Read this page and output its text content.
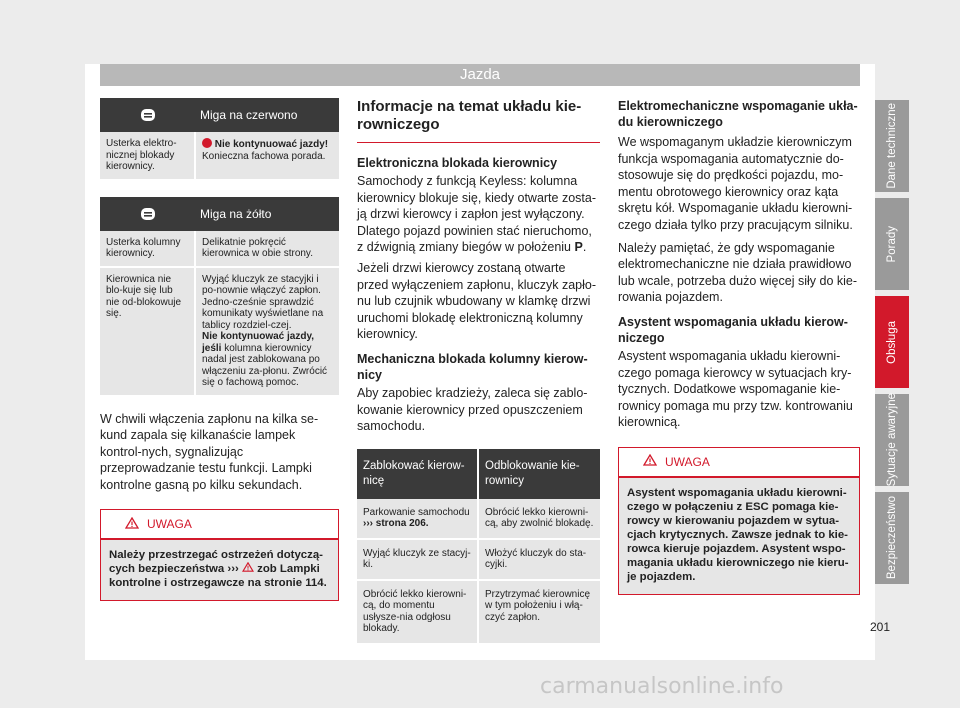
Jazda
Miga na czerwono
Usterka elektro-nicznej blokady kierownicy.
Nie kontynuować jazdy!
Konieczna fachowa porada.
Miga na żółto
Usterka kolumny kierownicy.
Delikatnie pokręcić kierownica w obie strony.
Kierownica nie blo-kuje się lub nie od-blokowuje się.
Wyjąć kluczyk ze stacyjki i po-nownie włączyć zapłon. Jedno-cześnie sprawdzić komunikaty wyświetlane na tablicy rozdziel-czej.
Nie kontynuować jazdy, jeśli kolumna kierownicy nadal jest zablokowana po włączeniu za-płonu. Zwrócić się o fachową pomoc.
W chwili włączenia zapłonu na kilka se-kund zapala się kilkanaście lampek kontrol-nych, sygnalizując przeprowadzanie testu funkcji. Lampki kontrolne gasną po kilku sekundach.
UWAGA
Należy przestrzegać ostrzeżeń dotyczą-cych bezpieczeństwa ››› zob Lampki kontrolne i ostrzegawcze na stronie 114.
Informacje na temat układu kie-rowniczego
Elektroniczna blokada kierownicy
Samochody z funkcją Keyless: kolumna kierownicy blokuje się, kiedy otwarte zosta-ją drzwi kierowcy i zapłon jest wyłączony. Dlatego pojazd powinien stać nieruchomo, z dźwignią zmiany biegów w położeniu P.
Jeżeli drzwi kierowcy zostaną otwarte przed wyłączeniem zapłonu, kluczyk zapło-nu lub czujnik wbudowany w klamkę drzwi uruchomi blokadę elektroniczną kolumny kierownicy.
Mechaniczna blokada kolumny kierow-nicy
Aby zapobiec kradzieży, zaleca się zablo-kowanie kierownicy przed opuszczeniem samochodu.
Zablokować kierow-nicę
Odblokowanie kie-rownicy
Parkowanie samochodu
››› strona 206.
Obrócić lekko kierowni-cą, aby zwolnić blokadę.
Wyjąć kluczyk ze stacyj-ki.
Włożyć kluczyk do sta-cyjki.
Obrócić lekko kierowni-cą, do momentu usłysze-nia odgłosu blokady.
Przytrzymać kierownicę w tym położeniu i włą-czyć zapłon.
Elektromechaniczne wspomaganie ukła-du kierowniczego
We wspomaganym układzie kierowniczym funkcja wspomagania automatycznie do-stosowuje się do prędkości pojazdu, mo-mentu obrotowego kierownicy oraz kąta skrętu kół. Wspomaganie układu kierowni-czego działa tylko przy pracującym silniku.
Należy pamiętać, że gdy wspomaganie elektromechaniczne nie działa prawidłowo lub wcale, potrzeba dużo więcej siły do kie-rowania pojazdem.
Asystent wspomagania układu kierow-niczego
Asystent wspomagania układu kierowni-czego pomaga kierowcy w sytuacjach kry-tycznych. Dodatkowe wspomaganie kie-rownicy pomaga mu przy tzw. kontrowaniu kierownicą.
UWAGA
Asystent wspomagania układu kierowni-czego w połączeniu z ESC pomaga kie-rowcy w kierowaniu pojazdem w sytua-cjach krytycznych. Zawsze jednak to kie-rowca kieruje pojazdem. Asystent wspo-magania układu kierowniczego nie kieru-je pojazdem.
Dane techniczne
Porady
Obsługa
Sytuacje awaryjne
Bezpieczeństwo
201
carmanualsonline.info
